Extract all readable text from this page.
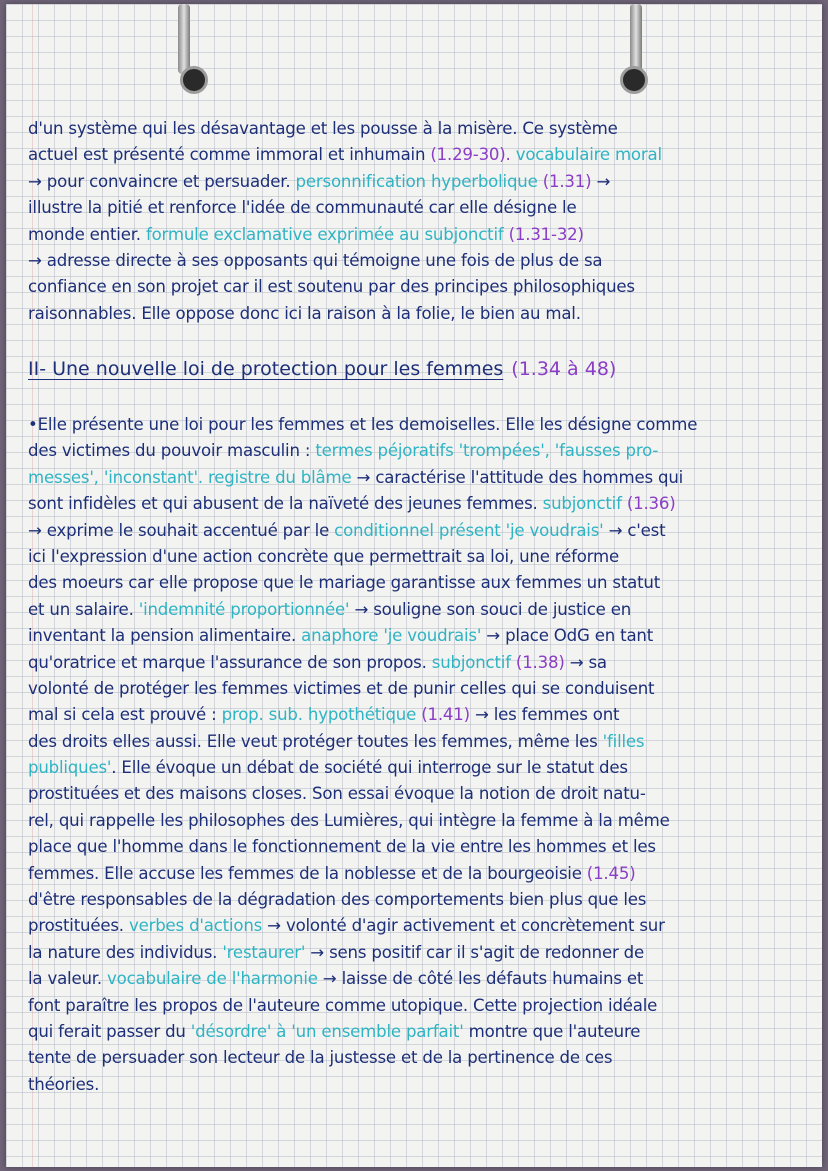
d'un système qui les désavantage et les pousse à la misère. Ce système
actuel est présenté comme immoral et inhumain (1.29-30). vocabulaire moral
→ pour convaincre et persuader. personnification hyperbolique (1.31) →
illustre la pitié et renforce l'idée de communauté car elle désigne le
monde entier. formule exclamative exprimée au subjonctif (1.31-32)
→ adresse directe à ses opposants qui témoigne une fois de plus de sa
confiance en son projet car il est soutenu par des principes philosophiques
raisonnables. Elle oppose donc ici la raison à la folie, le bien au mal.
II- Une nouvelle loi de protection pour les femmes (1.34 à 48)
•Elle présente une loi pour les femmes et les demoiselles. Elle les désigne comme
des victimes du pouvoir masculin : termes péjoratifs 'trompées', 'fausses pro-
messes', 'inconstant'. registre du blâme → caractérise l'attitude des hommes qui
sont infidèles et qui abusent de la naïveté des jeunes femmes. subjonctif (1.36)
→ exprime le souhait accentué par le conditionnel présent 'je voudrais' → c'est
ici l'expression d'une action concrète que permettrait sa loi, une réforme
des moeurs car elle propose que le mariage garantisse aux femmes un statut
et un salaire. 'indemnité proportionnée' → souligne son souci de justice en
inventant la pension alimentaire. anaphore 'je voudrais' → place OdG en tant
qu'oratrice et marque l'assurance de son propos. subjonctif (1.38) → sa
volonté de protéger les femmes victimes et de punir celles qui se conduisent
mal si cela est prouvé : prop. sub. hypothétique (1.41) → les femmes ont
des droits elles aussi. Elle veut protéger toutes les femmes, même les 'filles
publiques'. Elle évoque un débat de société qui interroge sur le statut des
prostituées et des maisons closes. Son essai évoque la notion de droit natu-
rel, qui rappelle les philosophes des Lumières, qui intègre la femme à la même
place que l'homme dans le fonctionnement de la vie entre les hommes et les
femmes. Elle accuse les femmes de la noblesse et de la bourgeoisie (1.45)
d'être responsables de la dégradation des comportements bien plus que les
prostituées. verbes d'actions → volonté d'agir activement et concrètement sur
la nature des individus. 'restaurer' → sens positif car il s'agit de redonner de
la valeur. vocabulaire de l'harmonie → laisse de côté les défauts humains et
font paraître les propos de l'auteure comme utopique. Cette projection idéale
qui ferait passer du 'désordre' à 'un ensemble parfait' montre que l'auteure
tente de persuader son lecteur de la justesse et de la pertinence de ces
théories.
